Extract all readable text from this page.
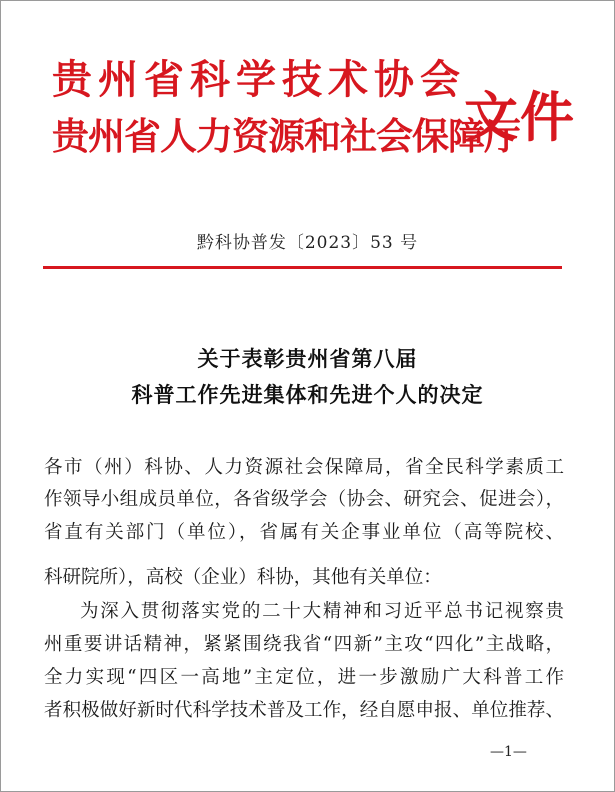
贵州省科学技术协会
贵州省人力资源和社会保障厅
文件
黔科协普发〔2023〕53 号
关于表彰贵州省第八届
科普工作先进集体和先进个人的决定
各市（州）科协、人力资源社会保障局，省全民科学素质工
作领导小组成员单位，各省级学会（协会、研究会、促进会），
省直有关部门（单位），省属有关企事业单位（高等院校、
科研院所），高校（企业）科协，其他有关单位：
为深入贯彻落实党的二十大精神和习近平总书记视察贵
州重要讲话精神，紧紧围绕我省“四新”主攻“四化”主战略，
全力实现“四区一高地”主定位，进一步激励广大科普工作
者积极做好新时代科学技术普及工作，经自愿申报、单位推荐、
—1—
